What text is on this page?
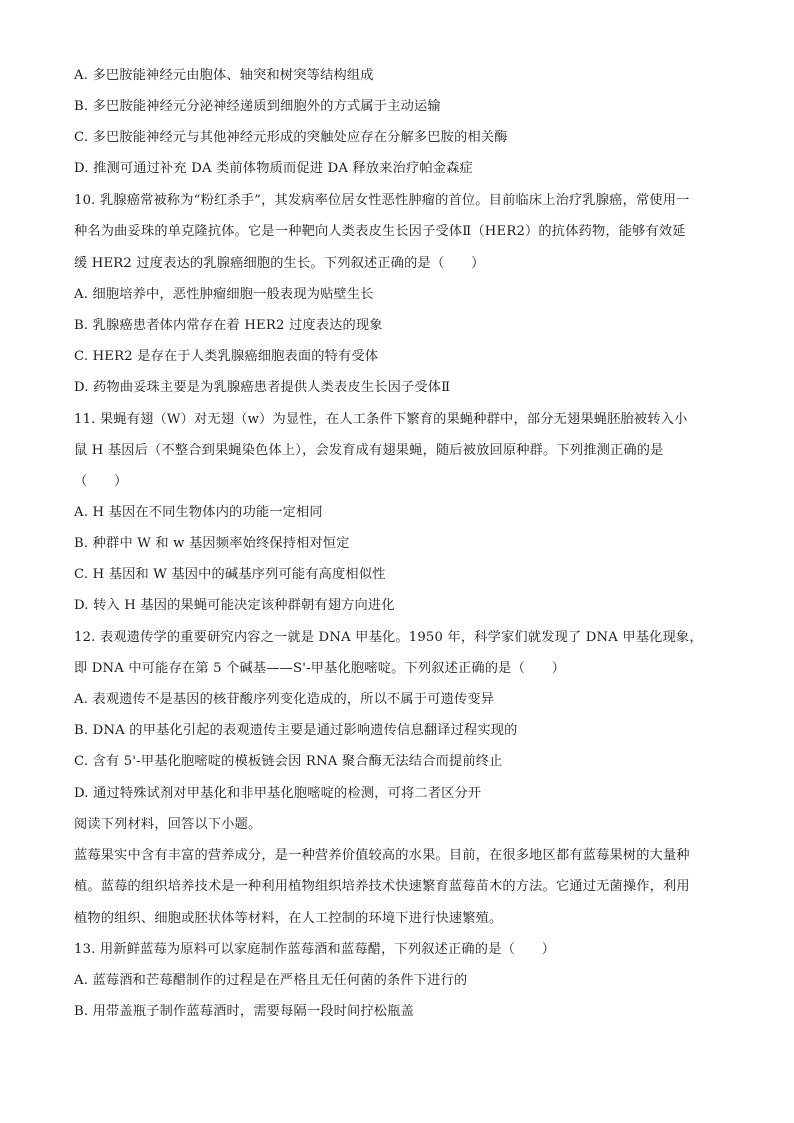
A. 多巴胺能神经元由胞体、轴突和树突等结构组成
B. 多巴胺能神经元分泌神经递质到细胞外的方式属于主动运输
C. 多巴胺能神经元与其他神经元形成的突触处应存在分解多巴胺的相关酶
D. 推测可通过补充 DA 类前体物质而促进 DA 释放来治疗帕金森症
10. 乳腺癌常被称为“粉红杀手”，其发病率位居女性恶性肿瘤的首位。目前临床上治疗乳腺癌，常使用一
种名为曲妥珠的单克隆抗体。它是一种靶向人类表皮生长因子受体Ⅱ（HER2）的抗体药物，能够有效延
缓 HER2 过度表达的乳腺癌细胞的生长。下列叙述正确的是（　　）
A. 细胞培养中，恶性肿瘤细胞一般表现为贴壁生长
B. 乳腺癌患者体内常存在着 HER2 过度表达的现象
C. HER2 是存在于人类乳腺癌细胞表面的特有受体
D. 药物曲妥珠主要是为乳腺癌患者提供人类表皮生长因子受体Ⅱ
11. 果蝇有翅（W）对无翅（w）为显性，在人工条件下繁育的果蝇种群中，部分无翅果蝇胚胎被转入小
鼠 H 基因后（不整合到果蝇染色体上），会发育成有翅果蝇，随后被放回原种群。下列推测正确的是
（　　）
A. H 基因在不同生物体内的功能一定相同
B. 种群中 W 和 w 基因频率始终保持相对恒定
C. H 基因和 W 基因中的碱基序列可能有高度相似性
D. 转入 H 基因的果蝇可能决定该种群朝有翅方向进化
12. 表观遗传学的重要研究内容之一就是 DNA 甲基化。1950 年，科学家们就发现了 DNA 甲基化现象，
即 DNA 中可能存在第 5 个碱基——S'-甲基化胞嘧啶。下列叙述正确的是（　　）
A. 表观遗传不是基因的核苷酸序列变化造成的，所以不属于可遗传变异
B. DNA 的甲基化引起的表观遗传主要是通过影响遗传信息翻译过程实现的
C. 含有 5'-甲基化胞嘧啶的模板链会因 RNA 聚合酶无法结合而提前终止
D. 通过特殊试剂对甲基化和非甲基化胞嘧啶的检测，可将二者区分开
阅读下列材料，回答以下小题。
蓝莓果实中含有丰富的营养成分，是一种营养价值较高的水果。目前，在很多地区都有蓝莓果树的大量种
植。蓝莓的组织培养技术是一种利用植物组织培养技术快速繁育蓝莓苗木的方法。它通过无菌操作，利用
植物的组织、细胞或胚状体等材料，在人工控制的环境下进行快速繁殖。
13. 用新鲜蓝莓为原料可以家庭制作蓝莓酒和蓝莓醋，下列叙述正确的是（　　）
A. 蓝莓酒和芒莓醋制作的过程是在严格且无任何菌的条件下进行的
B. 用带盖瓶子制作蓝莓酒时，需要每隔一段时间拧松瓶盖
